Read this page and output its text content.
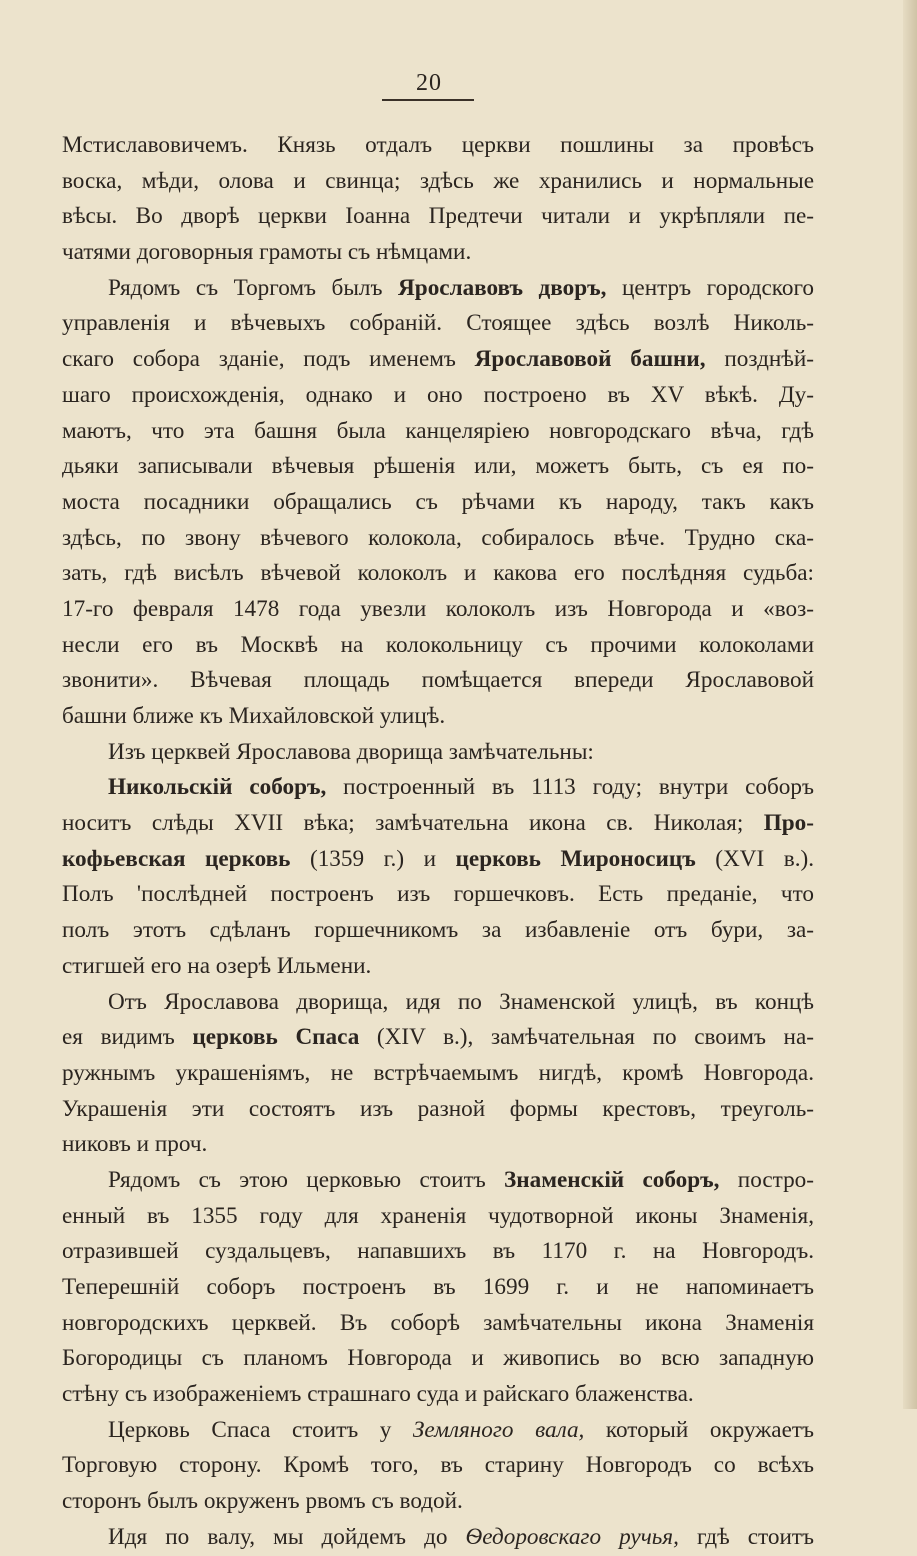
20
Мстиславовичемъ. Князь отдалъ церкви пошлины за провѣсъ
воска, мѣди, олова и свинца; здѣсь же хранились и нормальные
вѣсы. Во дворѣ церкви Іоанна Предтечи читали и укрѣпляли пе-
чатями договорныя грамоты съ нѣмцами.
Рядомъ съ Торгомъ былъ Ярославовъ дворъ, центръ городского
управленія и вѣчевыхъ собраній. Стоящее здѣсь возлѣ Николь-
скаго собора зданіе, подъ именемъ Ярославовой башни, позднѣй-
шаго происхожденія, однако и оно построено въ XV вѣкѣ. Ду-
маютъ, что эта башня была канцеляріею новгородскаго вѣча, гдѣ
дьяки записывали вѣчевыя рѣшенія или, можетъ быть, съ ея по-
моста посадники обращались съ рѣчами къ народу, такъ какъ
здѣсь, по звону вѣчевого колокола, собиралось вѣче. Трудно ска-
зать, гдѣ висѣлъ вѣчевой колоколъ и какова его послѣдняя судьба:
17-го февраля 1478 года увезли колоколъ изъ Новгорода и «воз-
несли его въ Москвѣ на колокольницу съ прочими колоколами
звонити». Вѣчевая площадь помѣщается впереди Ярославовой
башни ближе къ Михайловской улицѣ.
Изъ церквей Ярославова дворища замѣчательны:
Никольскій соборъ, построенный въ 1113 году; внутри соборъ
носитъ слѣды XVII вѣка; замѣчательна икона св. Николая; Про-
кофьевская церковь (1359 г.) и церковь Мироносицъ (XVI в.).
Полъ 'послѣдней построенъ изъ горшечковъ. Есть преданіе, что
полъ этотъ сдѣланъ горшечникомъ за избавленіе отъ бури, за-
стигшей его на озерѣ Ильмени.
Отъ Ярославова дворища, идя по Знаменской улицѣ, въ концѣ
ея видимъ церковь Спаса (XIV в.), замѣчательная по своимъ на-
ружнымъ украшеніямъ, не встрѣчаемымъ нигдѣ, кромѣ Новгорода.
Украшенія эти состоятъ изъ разной формы крестовъ, треуголь-
никовъ и проч.
Рядомъ съ этою церковью стоитъ Знаменскій соборъ, постро-
енный въ 1355 году для храненія чудотворной иконы Знаменія,
отразившей суздальцевъ, напавшихъ въ 1170 г. на Новгородъ.
Теперешній соборъ построенъ въ 1699 г. и не напоминаетъ
новгородскихъ церквей. Въ соборѣ замѣчательны икона Знаменія
Богородицы съ планомъ Новгорода и живопись во всю западную
стѣну съ изображеніемъ страшнаго суда и райскаго блаженства.
Церковь Спаса стоитъ у Земляного вала, который окружаетъ
Торговую сторону. Кромѣ того, въ старину Новгородъ со всѣхъ
сторонъ былъ окруженъ рвомъ съ водой.
Идя по валу, мы дойдемъ до Ѳедоровскаго ручья, гдѣ стоитъ
